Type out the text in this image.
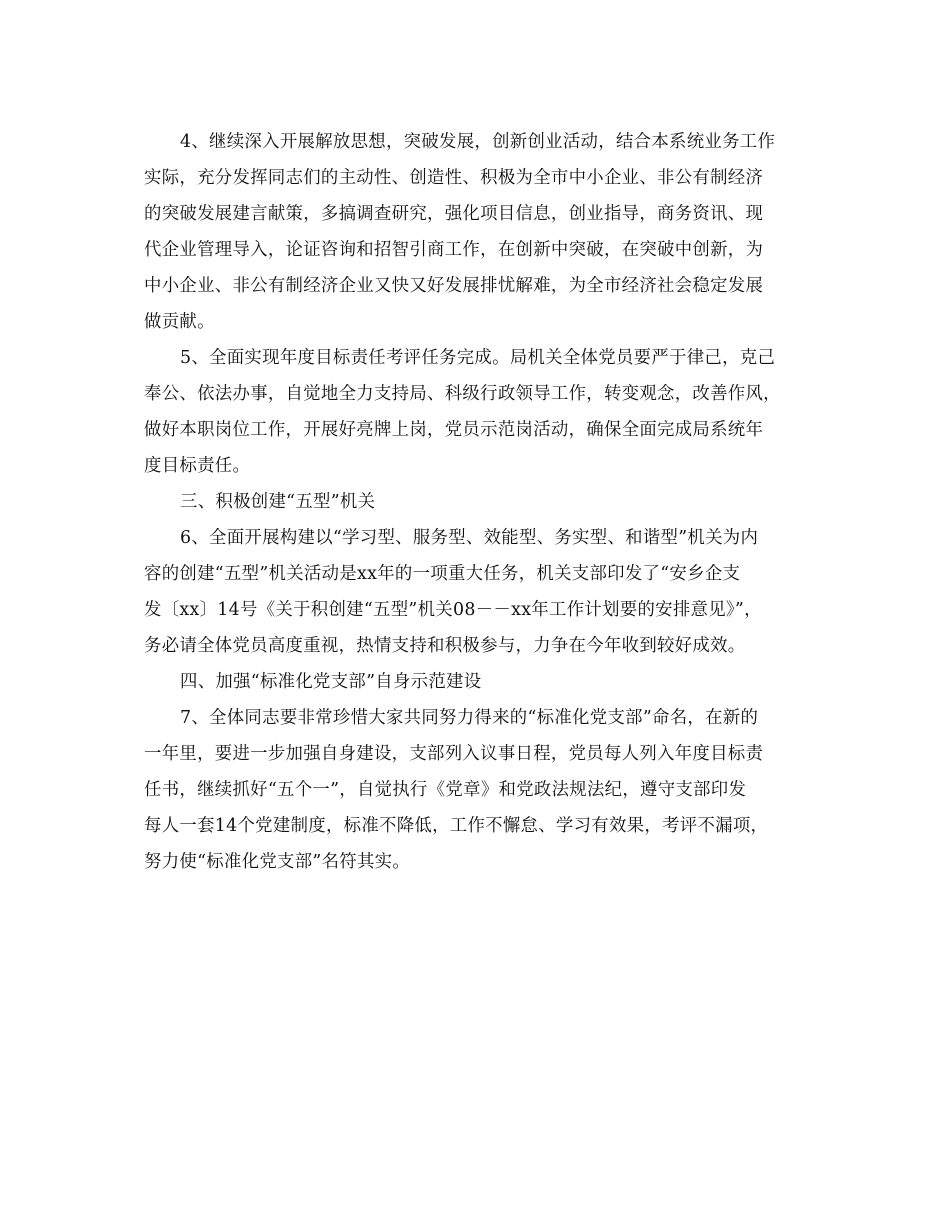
4、继续深入开展解放思想，突破发展，创新创业活动，结合本系统业务工作
实际，充分发挥同志们的主动性、创造性、积极为全市中小企业、非公有制经济
的突破发展建言献策，多搞调查研究，强化项目信息，创业指导，商务资讯、现
代企业管理导入，论证咨询和招智引商工作，在创新中突破，在突破中创新，为
中小企业、非公有制经济企业又快又好发展排忧解难，为全市经济社会稳定发展
做贡献。
5、全面实现年度目标责任考评任务完成。局机关全体党员要严于律己，克己
奉公、依法办事，自觉地全力支持局、科级行政领导工作，转变观念，改善作风，
做好本职岗位工作，开展好亮牌上岗，党员示范岗活动，确保全面完成局系统年
度目标责任。
三、积极创建“五型”机关
6、全面开展构建以“学习型、服务型、效能型、务实型、和谐型”机关为内
容的创建“五型”机关活动是xx年的一项重大任务，机关支部印发了“安乡企支
发〔xx〕14号《关于积创建“五型”机关08－－xx年工作计划要的安排意见》”，
务必请全体党员高度重视，热情支持和积极参与，力争在今年收到较好成效。
四、加强“标准化党支部”自身示范建设
7、全体同志要非常珍惜大家共同努力得来的“标准化党支部”命名，在新的
一年里，要进一步加强自身建设，支部列入议事日程，党员每人列入年度目标责
任书，继续抓好“五个一”，自觉执行《党章》和党政法规法纪，遵守支部印发
每人一套14个党建制度，标准不降低，工作不懈怠、学习有效果，考评不漏项，
努力使“标准化党支部”名符其实。
